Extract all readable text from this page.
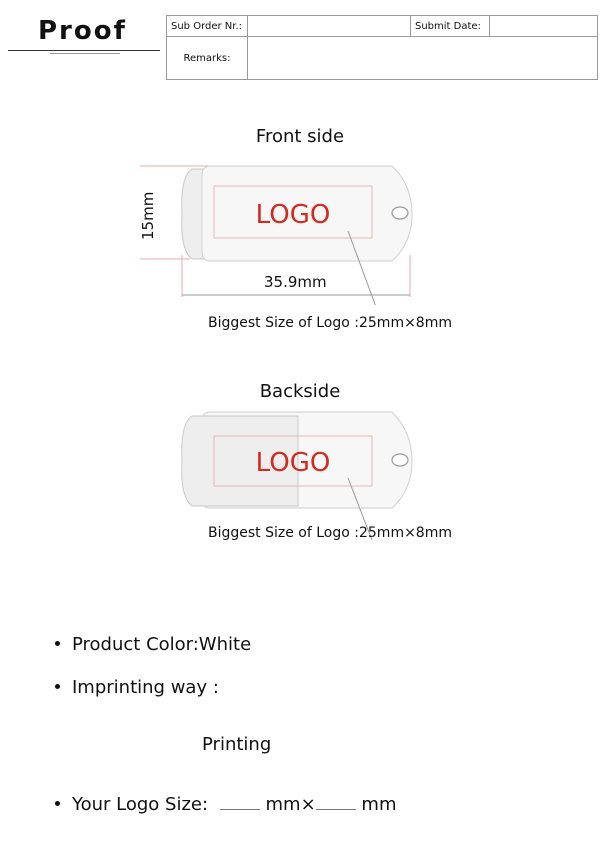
Proof	Sub Order Nr.:		Submit Date:	
Remarks:			
Front side
LOGO
15mm
35.9mm
Biggest Size of Logo :25mm×8mm
Backside
LOGO
Biggest Size of Logo :25mm×8mm
Product Color:White
Imprinting way :
Printing
Your Logo Size:	mm×	mm
